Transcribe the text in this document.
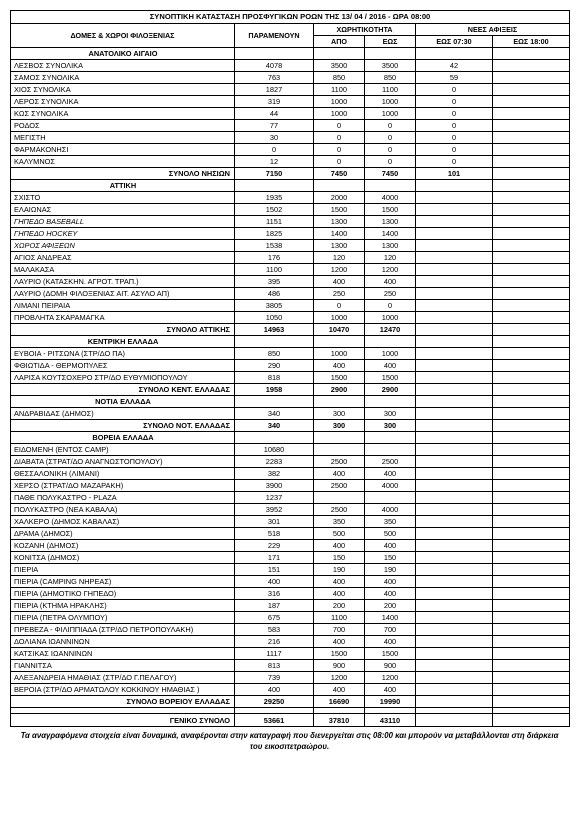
ΣΥΝΟΠΤΙΚΗ ΚΑΤΑΣΤΑΣΗ ΠΡΟΣΦΥΓΙΚΩΝ ΡΟΩΝ ΤΗΣ 13/ 04 / 2016 - ΩΡΑ 08:00					
ΔΟΜΕΣ & ΧΩΡΟΙ ΦΙΛΟΞΕΝΙΑΣ	ΠΑΡΑΜΕΝΟΥΝ	ΧΩΡΗΤΙΚΟΤΗΤΑ		ΝΕΕΣ ΑΦΙΞΕΙΣ	
		ΑΠΟ	ΕΩΣ	ΕΩΣ 07:30	ΕΩΣ 18:00
ΑΝΑΤΟΛΙΚΟ ΑΙΓΑΙΟ					
ΛΕΣΒΟΣ ΣΥΝΟΛΙΚΑ	4078	3500	3500	42	
ΣΑΜΟΣ ΣΥΝΟΛΙΚΑ	763	850	850	59	
ΧΙΟΣ ΣΥΝΟΛΙΚΑ	1827	1100	1100	0	
ΛΕΡΟΣ ΣΥΝΟΛΙΚΑ	319	1000	1000	0	
ΚΩΣ ΣΥΝΟΛΙΚΑ	44	1000	1000	0	
ΡΟΔΟΣ	77	0	0	0	
ΜΕΓΙΣΤΗ	30	0	0	0	
ΦΑΡΜΑΚΟΝΗΣΙ	0	0	0	0	
ΚΑΛΥΜΝΟΣ	12	0	0	0	
ΣΥΝΟΛΟ ΝΗΣΙΩΝ	7150	7450	7450	101	
ΑΤΤΙΚΗ					
ΣΧΙΣΤΟ	1935	2000	4000		
ΕΛΑΙΩΝΑΣ	1502	1500	1500		
ΓΗΠΕΔΟ BASEBALL	1151	1300	1300		
ΓΗΠΕΔΟ HOCKEY	1825	1400	1400		
ΧΩΡΟΣ ΑΦΙΞΕΩΝ	1538	1300	1300		
ΑΓΙΟΣ ΑΝΔΡΕΑΣ	176	120	120		
ΜΑΛΑΚΑΣΑ	1100	1200	1200		
ΛΑΥΡΙΟ (ΚΑΤΑΣΚΗΝ. ΑΓΡΟΤ. ΤΡΑΠ.)	395	400	400		
ΛΑΥΡΙΟ (ΔΟΜΗ ΦΙΛΟΞΕΝΙΑΣ ΑΙΤ. ΑΣΥΛΟ ΑΠ)	486	250	250		
ΛΙΜΑΝΙ ΠΕΙΡΑΙΑ	3805	0	0		
ΠΡΟΒΛΗΤΑ ΣΚΑΡΑΜΑΓΚΑ	1050	1000	1000		
ΣΥΝΟΛΟ ΑΤΤΙΚΗΣ	14963	10470	12470		
ΚΕΝΤΡΙΚΗ ΕΛΛΑΔΑ					
ΕΥΒΟΙΑ - ΡΙΤΣΩΝΑ (ΣΤΡ/ΔΟ ΠΑ)	850	1000	1000		
ΦΘΙΩΤΙΔΑ - ΘΕΡΜΟΠΥΛΕΣ	290	400	400		
ΛΑΡΙΣΑ ΚΟΥΤΣΟΧΕΡΟ ΣΤΡ/ΔΟ ΕΥΘΥΜΙΟΠΟΥΛΟΥ	818	1500	1500		
ΣΥΝΟΛΟ ΚΕΝΤ. ΕΛΛΑΔΑΣ	1958	2900	2900		
ΝΟΤΙΑ ΕΛΛΑΔΑ					
ΑΝΔΡΑΒΙΔΑΣ (ΔΗΜΟΣ)	340	300	300		
ΣΥΝΟΛΟ ΝΟΤ. ΕΛΛΑΔΑΣ	340	300	300		
ΒΟΡΕΙΑ ΕΛΛΑΔΑ					
ΕΙΔΟΜΕΝΗ (ΕΝΤΟΣ CAMP)	10680				
ΔΙΑΒΑΤΑ (ΣΤΡΑΤ/ΔΟ ΑΝΑΓΝΩΣΤΟΠΟΥΛΟΥ)	2283	2500	2500		
ΘΕΣΣΑΛΟΝΙΚΗ (ΛΙΜΑΝΙ)	382	400	400		
ΧΕΡΣΟ (ΣΤΡΑΤ/ΔΟ ΜΑΖΑΡΑΚΗ)	3900	2500	4000		
ΠΑΘΕ ΠΟΛΥΚΑΣΤΡΟ - PLAZA	1237				
ΠΟΛΥΚΑΣΤΡΟ (ΝΕΑ ΚΑΒΑΛΑ)	3952	2500	4000		
ΧΑΛΚΕΡΟ (ΔΗΜΟΣ ΚΑΒΑΛΑΣ)	301	350	350		
ΔΡΑΜΑ (ΔΗΜΟΣ)	518	500	500		
ΚΟΖΑΝΗ (ΔΗΜΟΣ)	229	400	400		
ΚΟΝΙΤΣΑ (ΔΗΜΟΣ)	171	150	150		
ΠΙΕΡΙΑ	151	190	190		
ΠΙΕΡΙΑ (CAMPING ΝΗΡΕΑΣ)	400	400	400		
ΠΙΕΡΙΑ (ΔΗΜΟΤΙΚΟ ΓΗΠΕΔΟ)	316	400	400		
ΠΙΕΡΙΑ (ΚΤΗΜΑ ΗΡΑΚΛΗΣ)	187	200	200		
ΠΙΕΡΙΑ (ΠΕΤΡΑ ΟΛΥΜΠΟΥ)	675	1100	1400		
ΠΡΕΒΕΖΑ - ΦΙΛΙΠΠΙΑΔΑ (ΣΤΡ/ΔΟ ΠΕΤΡΟΠΟΥΛΑΚΗ)	583	700	700		
ΔΟΛΙΑΝΑ ΙΩΑΝΝΙΝΩΝ	216	400	400		
ΚΑΤΣΙΚΑΣ ΙΩΑΝΝΙΝΩΝ	1117	1500	1500		
ΓΙΑΝΝΙΤΣΑ	813	900	900		
ΑΛΕΞΑΝΔΡΕΙΑ ΗΜΑΘΙΑΣ (ΣΤΡ/ΔΟ Γ.ΠΕΛΑΓΟΥ)	739	1200	1200		
ΒΕΡΟΙΑ (ΣΤΡ/ΔΟ ΑΡΜΑΤΩΛΟΥ ΚΟΚΚΙΝΟΥ ΗΜΑΘΙΑΣ )	400	400	400		
ΣΥΝΟΛΟ ΒΟΡΕΙΟΥ ΕΛΛΑΔΑΣ	29250	16690	19990		

ΓΕΝΙΚΟ ΣΥΝΟΛΟ	53661	37810	43110		
Τα αναγραφόμενα στοιχεία είναι δυναμικά, αναφέρονται στην καταγραφή που διενεργείται στις 08:00 και μπορούν να μεταβάλλονται στη διάρκεια του εικοσιτετραώρου.
